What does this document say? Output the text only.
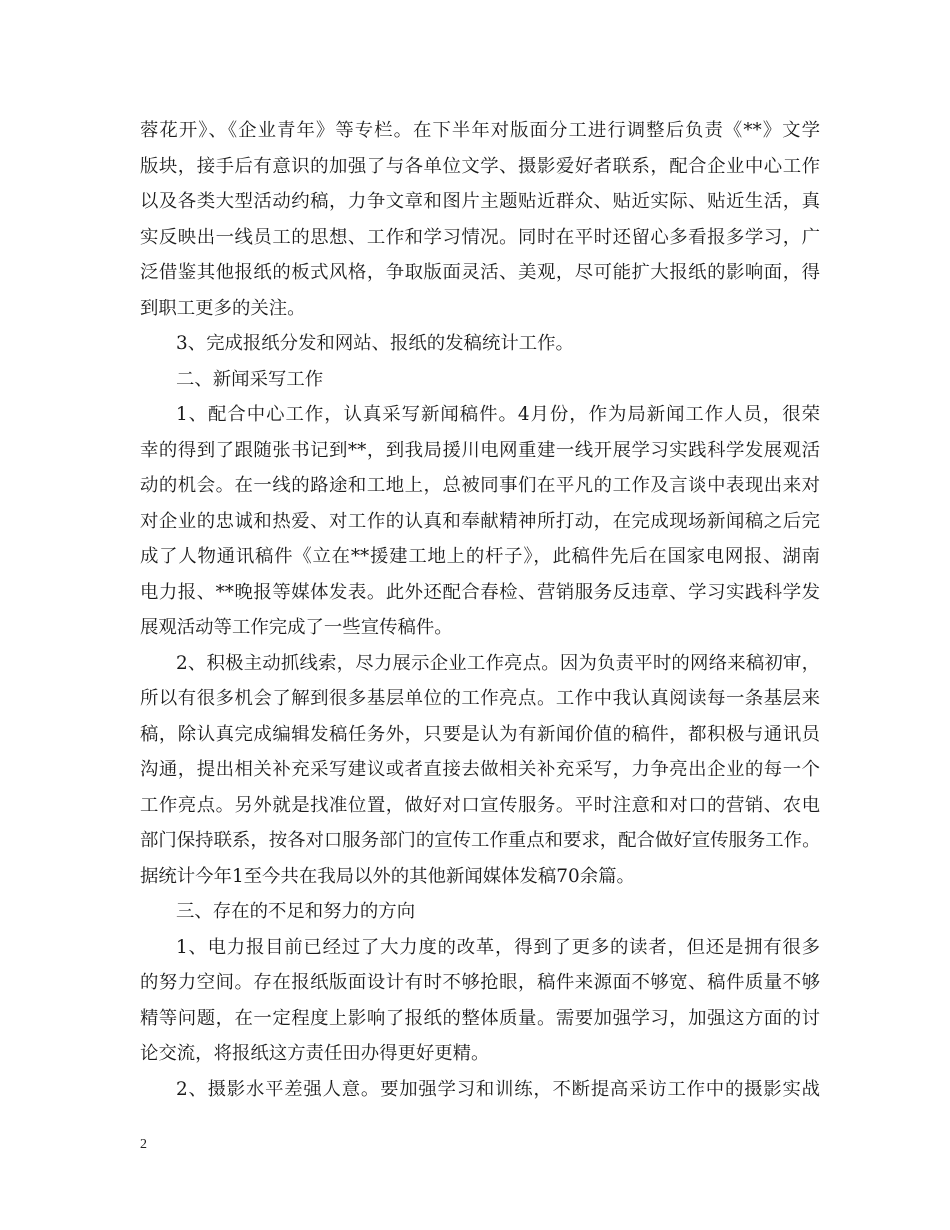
蓉花开》、《企业青年》等专栏。在下半年对版面分工进行调整后负责《**》文学
版块，接手后有意识的加强了与各单位文学、摄影爱好者联系，配合企业中心工作
以及各类大型活动约稿，力争文章和图片主题贴近群众、贴近实际、贴近生活，真
实反映出一线员工的思想、工作和学习情况。同时在平时还留心多看报多学习，广
泛借鉴其他报纸的板式风格，争取版面灵活、美观，尽可能扩大报纸的影响面，得
到职工更多的关注。
3、完成报纸分发和网站、报纸的发稿统计工作。
二、新闻采写工作
1、配合中心工作，认真采写新闻稿件。4月份，作为局新闻工作人员，很荣
幸的得到了跟随张书记到**，到我局援川电网重建一线开展学习实践科学发展观活
动的机会。在一线的路途和工地上，总被同事们在平凡的工作及言谈中表现出来对
对企业的忠诚和热爱、对工作的认真和奉献精神所打动，在完成现场新闻稿之后完
成了人物通讯稿件《立在**援建工地上的杆子》，此稿件先后在国家电网报、湖南
电力报、**晚报等媒体发表。此外还配合春检、营销服务反违章、学习实践科学发
展观活动等工作完成了一些宣传稿件。
2、积极主动抓线索，尽力展示企业工作亮点。因为负责平时的网络来稿初审，
所以有很多机会了解到很多基层单位的工作亮点。工作中我认真阅读每一条基层来
稿，除认真完成编辑发稿任务外，只要是认为有新闻价值的稿件，都积极与通讯员
沟通，提出相关补充采写建议或者直接去做相关补充采写，力争亮出企业的每一个
工作亮点。另外就是找准位置，做好对口宣传服务。平时注意和对口的营销、农电
部门保持联系，按各对口服务部门的宣传工作重点和要求，配合做好宣传服务工作。
据统计今年1至今共在我局以外的其他新闻媒体发稿70余篇。
三、存在的不足和努力的方向
1、电力报目前已经过了大力度的改革，得到了更多的读者，但还是拥有很多
的努力空间。存在报纸版面设计有时不够抢眼，稿件来源面不够宽、稿件质量不够
精等问题，在一定程度上影响了报纸的整体质量。需要加强学习，加强这方面的讨
论交流，将报纸这方责任田办得更好更精。
2、摄影水平差强人意。要加强学习和训练，不断提高采访工作中的摄影实战
2
